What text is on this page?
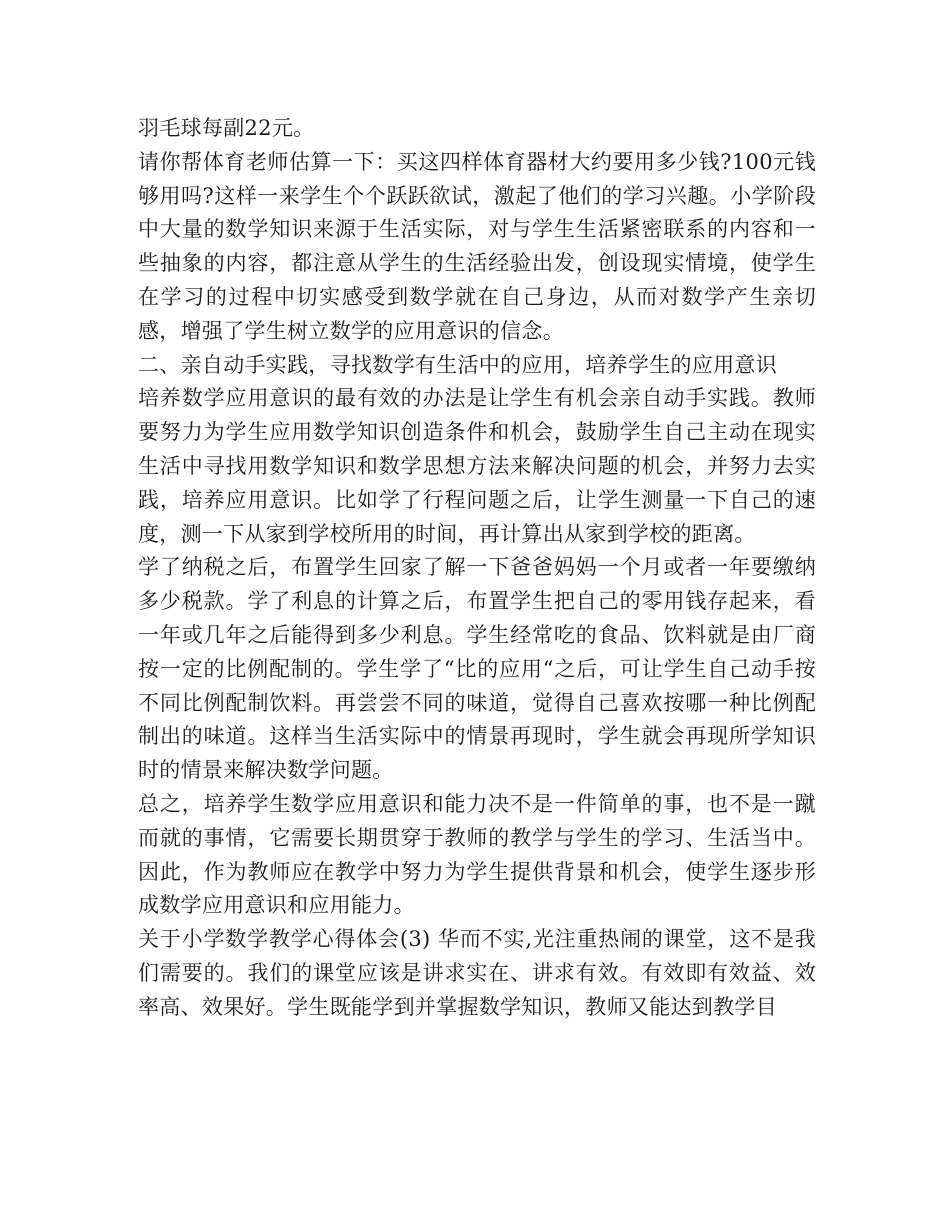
羽毛球每副22元。

请你帮体育老师估算一下：买这四样体育器材大约要用多少钱?100元钱够用吗?这样一来学生个个跃跃欲试，激起了他们的学习兴趣。小学阶段中大量的数学知识来源于生活实际，对与学生生活紧密联系的内容和一些抽象的内容，都注意从学生的生活经验出发，创设现实情境，使学生在学习的过程中切实感受到数学就在自己身边，从而对数学产生亲切感，增强了学生树立数学的应用意识的信念。

二、亲自动手实践，寻找数学有生活中的应用，培养学生的应用意识

培养数学应用意识的最有效的办法是让学生有机会亲自动手实践。教师要努力为学生应用数学知识创造条件和机会，鼓励学生自己主动在现实生活中寻找用数学知识和数学思想方法来解决问题的机会，并努力去实践，培养应用意识。比如学了行程问题之后，让学生测量一下自己的速度，测一下从家到学校所用的时间，再计算出从家到学校的距离。

学了纳税之后，布置学生回家了解一下爸爸妈妈一个月或者一年要缴纳多少税款。学了利息的计算之后，布置学生把自己的零用钱存起来，看一年或几年之后能得到多少利息。学生经常吃的食品、饮料就是由厂商按一定的比例配制的。学生学了“比的应用“之后，可让学生自己动手按不同比例配制饮料。再尝尝不同的味道，觉得自己喜欢按哪一种比例配制出的味道。这样当生活实际中的情景再现时，学生就会再现所学知识时的情景来解决数学问题。

总之，培养学生数学应用意识和能力决不是一件简单的事，也不是一蹴而就的事情，它需要长期贯穿于教师的教学与学生的学习、生活当中。因此，作为教师应在教学中努力为学生提供背景和机会，使学生逐步形成数学应用意识和应用能力。

关于小学数学教学心得体会(3) 华而不实,光注重热闹的课堂，这不是我们需要的。我们的课堂应该是讲求实在、讲求有效。有效即有效益、效率高、效果好。学生既能学到并掌握数学知识，教师又能达到教学目
